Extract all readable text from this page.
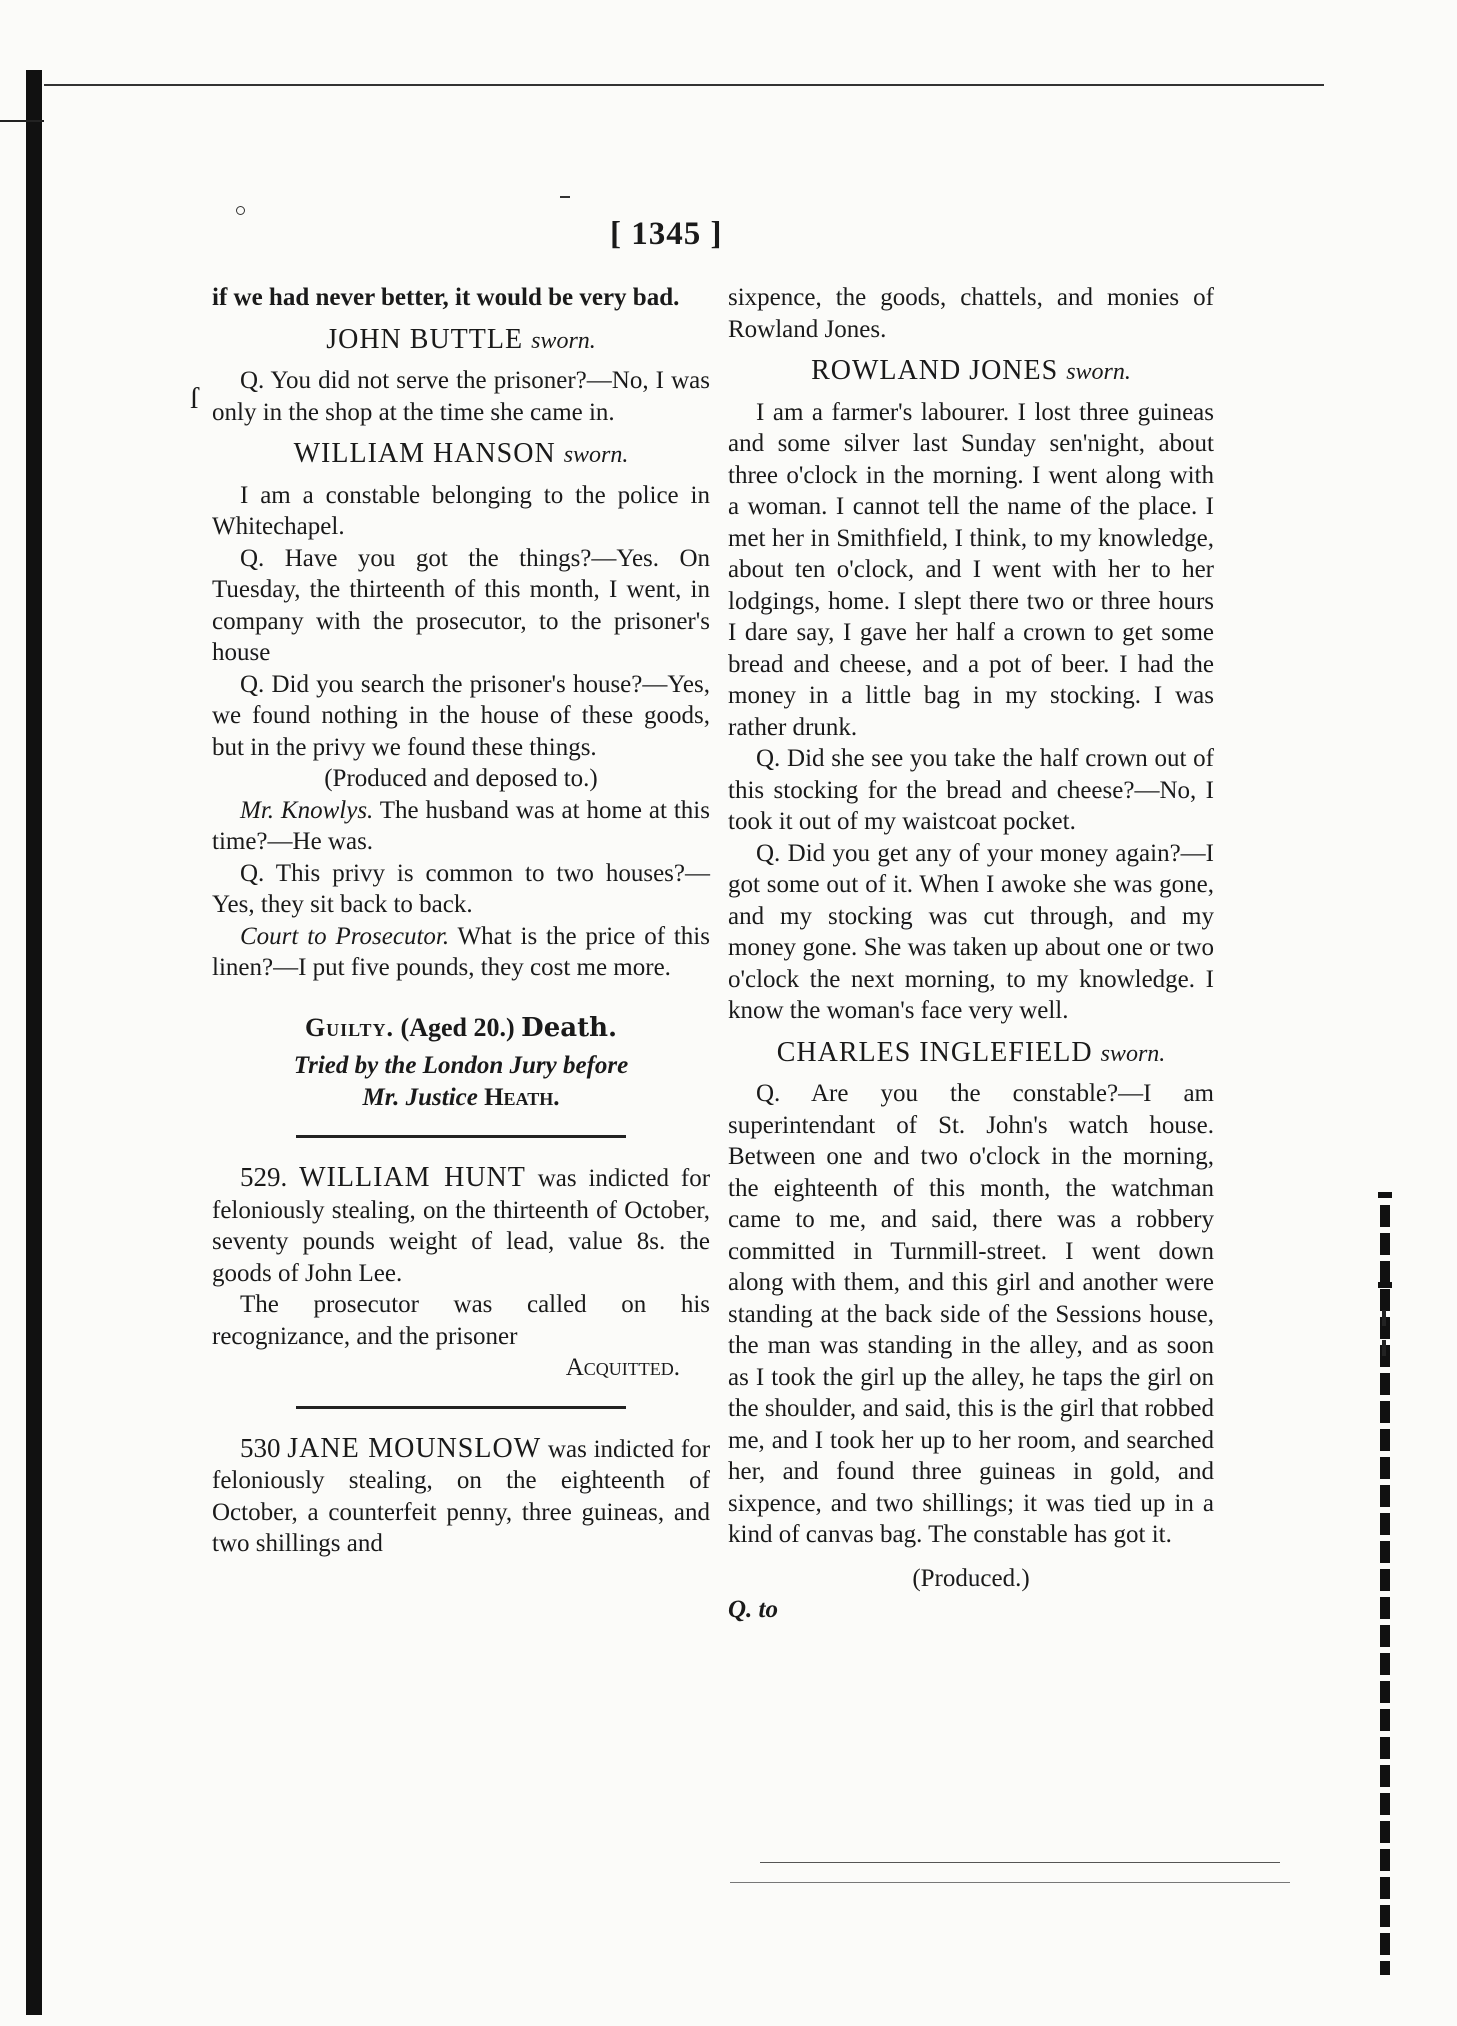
ſ
[ 1345 ]

if we had never better, it would be very bad.

JOHN BUTTLE sworn.

Q. You did not serve the prisoner?—No, I was only in the shop at the time she came in.

WILLIAM HANSON sworn.

I am a constable belonging to the police in Whitechapel.

Q. Have you got the things?—Yes. On Tuesday, the thirteenth of this month, I went, in company with the prosecutor, to the prisoner's house

Q. Did you search the prisoner's house?—Yes, we found nothing in the house of these goods, but in the privy we found these things.

(Produced and deposed to.)

Mr. Knowlys. The husband was at home at this time?—He was.

Q. This privy is common to two houses?—Yes, they sit back to back.

Court to Prosecutor. What is the price of this linen?—I put five pounds, they cost me more.

Guilty. (Aged 20.) Death.

Tried by the London Jury before

Mr. Justice Heath.

529. WILLIAM HUNT was indicted for feloniously stealing, on the thirteenth of October, seventy pounds weight of lead, value 8s. the goods of John Lee.

The prosecutor was called on his recognizance, and the prisoner

Acquitted.

530 JANE MOUNSLOW was indicted for feloniously stealing, on the eighteenth of October, a counterfeit penny, three guineas, and two shillings and

sixpence, the goods, chattels, and monies of Rowland Jones.

ROWLAND JONES sworn.

I am a farmer's labourer. I lost three guineas and some silver last Sunday sen'night, about three o'clock in the morning. I went along with a woman. I cannot tell the name of the place. I met her in Smithfield, I think, to my knowledge, about ten o'clock, and I went with her to her lodgings, home. I slept there two or three hours I dare say, I gave her half a crown to get some bread and cheese, and a pot of beer. I had the money in a little bag in my stocking. I was rather drunk.

Q. Did she see you take the half crown out of this stocking for the bread and cheese?—No, I took it out of my waistcoat pocket.

Q. Did you get any of your money again?—I got some out of it. When I awoke she was gone, and my stocking was cut through, and my money gone. She was taken up about one or two o'clock the next morning, to my knowledge. I know the woman's face very well.

CHARLES INGLEFIELD sworn.

Q. Are you the constable?—I am superintendant of St. John's watch house. Between one and two o'clock in the morning, the eighteenth of this month, the watchman came to me, and said, there was a robbery committed in Turnmill-street. I went down along with them, and this girl and another were standing at the back side of the Sessions house, the man was standing in the alley, and as soon as I took the girl up the alley, he taps the girl on the shoulder, and said, this is the girl that robbed me, and I took her up to her room, and searched her, and found three guineas in gold, and sixpence, and two shillings; it was tied up in a kind of canvas bag. The constable has got it.

(Produced.)

Q. to
